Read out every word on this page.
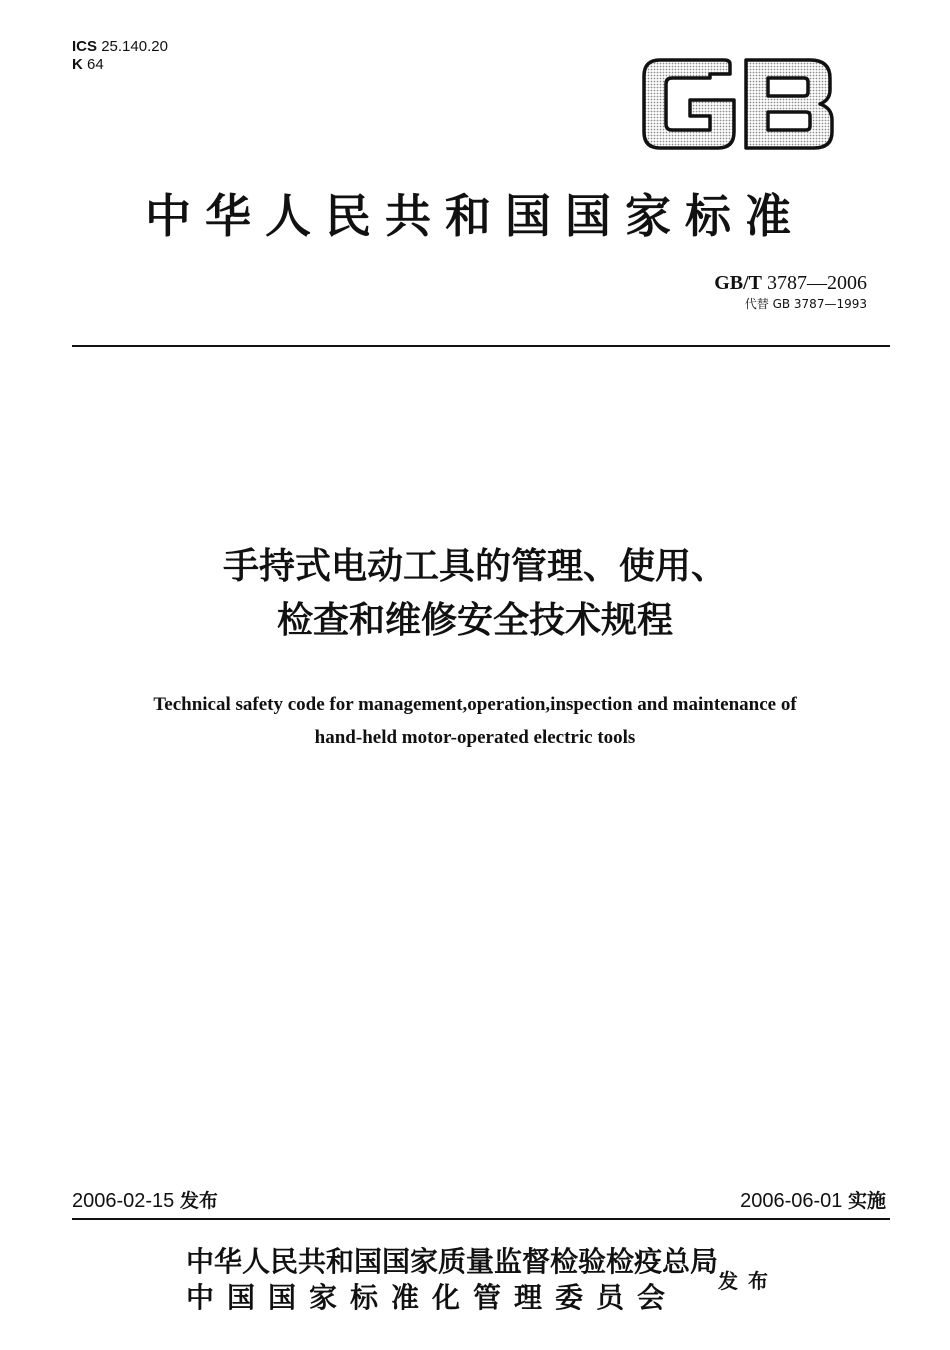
ICS 25.140.20
K 64
中华人民共和国国家标准
GB/T 3787—2006
代替 GB 3787—1993
手持式电动工具的管理、使用、
检查和维修安全技术规程
Technical safety code for management,operation,inspection and maintenance of
hand-held motor-operated electric tools
2006-02-15 发布	2006-06-01 实施
中华人民共和国国家质量监督检验检疫总局
中国国家标准化管理委员会	发布
